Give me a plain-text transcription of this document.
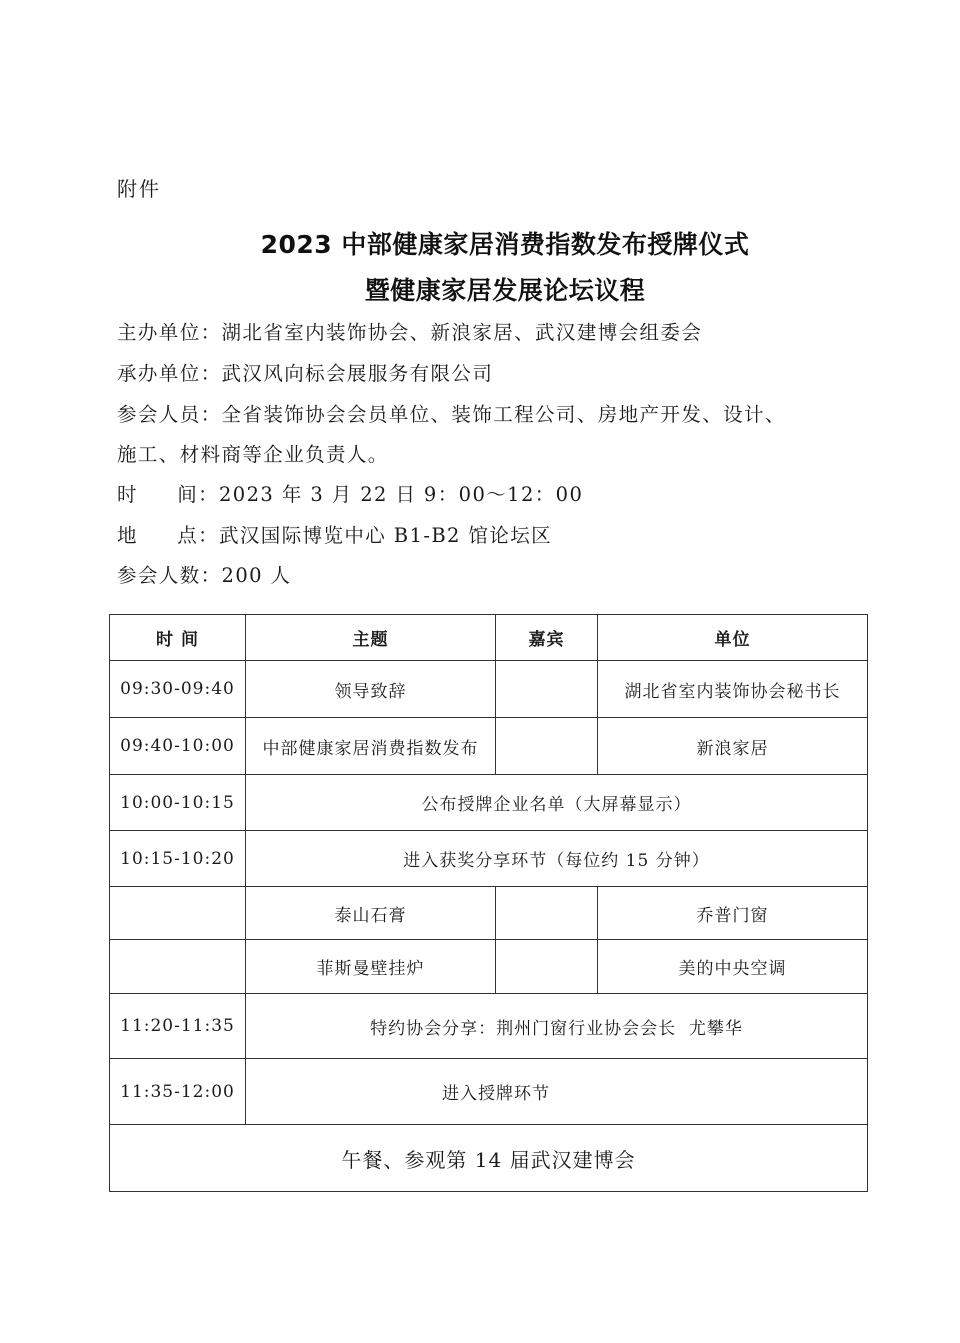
附件
2023 中部健康家居消费指数发布授牌仪式
暨健康家居发展论坛议程
主办单位：湖北省室内装饰协会、新浪家居、武汉建博会组委会
承办单位：武汉风向标会展服务有限公司
参会人员：全省装饰协会会员单位、装饰工程公司、房地产开发、设计、
施工、材料商等企业负责人。
时 间： 2023 年 3 月 22 日 9：00～12：00
地 点： 武汉国际博览中心 B1-B2 馆论坛区
参会人数：200 人
时 间	主题	嘉宾	单位
09:30-09:40	领导致辞		湖北省室内装饰协会秘书长
09:40-10:00	中部健康家居消费指数发布		新浪家居
10:00-10:15	公布授牌企业名单（大屏幕显示）		
10:15-10:20	进入获奖分享环节（每位约 15 分钟）		
	泰山石膏		乔普门窗
	菲斯曼壁挂炉		美的中央空调
11:20-11:35	特约协会分享：荆州门窗行业协会会长  尤攀华		
11:35-12:00	进入授牌环节		
午餐、参观第 14 届武汉建博会			
